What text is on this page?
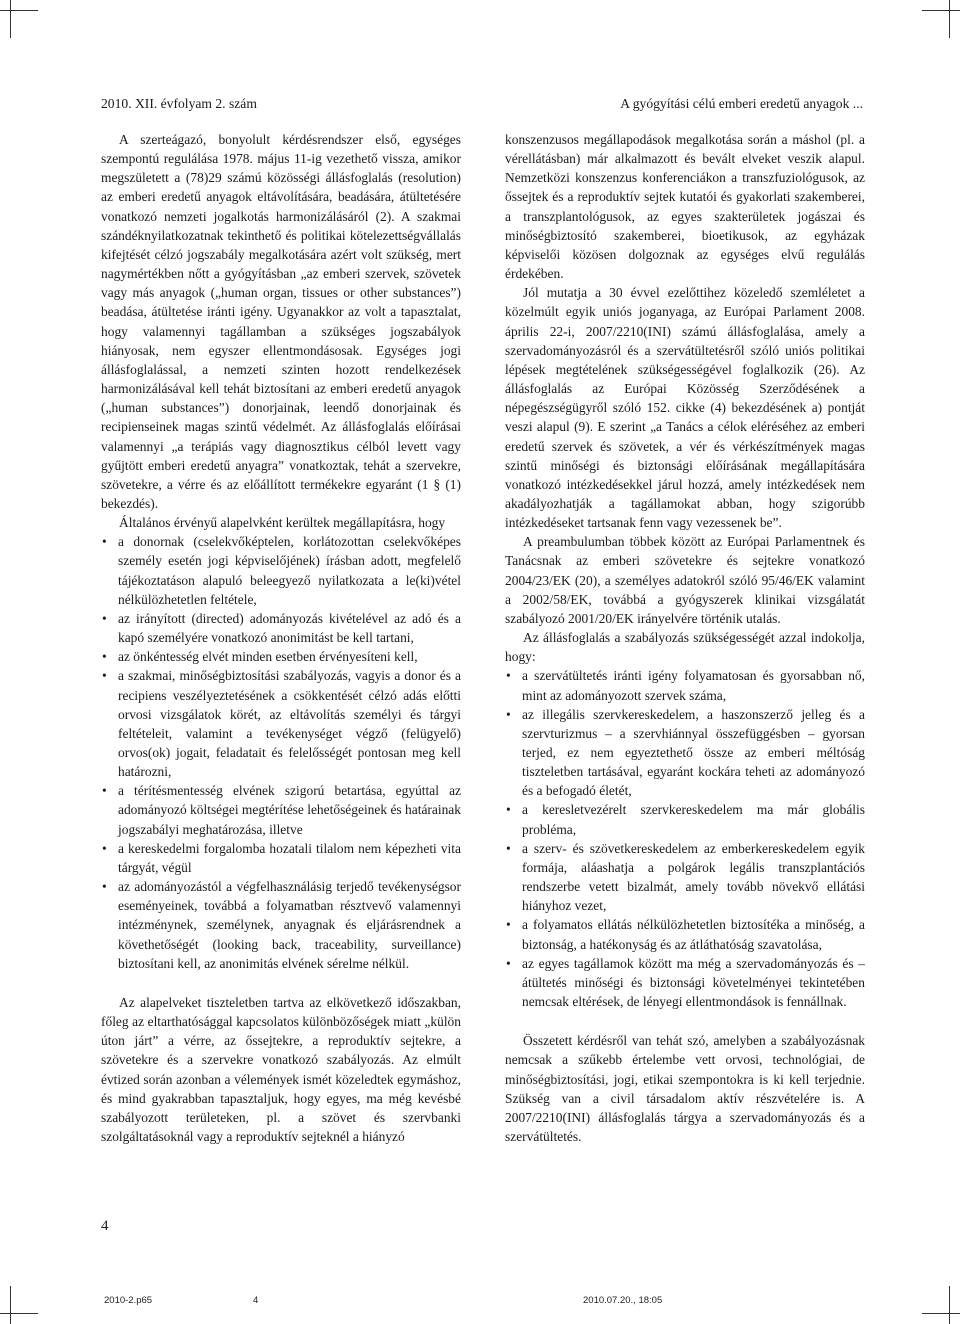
2010. XII. évfolyam 2. szám	A gyógyítási célú emberi eredetű anyagok ...

A szerteágazó, bonyolult kérdésrendszer első, egységes szempontú regulálása 1978. május 11-ig vezethető vissza, amikor megszületett a (78)29 számú közösségi állásfoglalás (resolution) az emberi eredetű anyagok eltávolítására, beadására, átültetésére vonatkozó nemzeti jogalkotás harmonizálásáról (2). A szakmai szándéknyilatkozatnak tekinthető és politikai kötelezettségvállalás kifejtését célzó jogszabály megalkotására azért volt szükség, mert nagymértékben nőtt a gyógyításban „az emberi szervek, szövetek vagy más anyagok („human organ, tissues or other substances”) beadása, átültetése iránti igény. Ugyanakkor az volt a tapasztalat, hogy valamennyi tagállamban a szükséges jogszabályok hiányosak, nem egyszer ellentmondásosak. Egységes jogi állásfoglalással, a nemzeti szinten hozott rendelkezések harmonizálásával kell tehát biztosítani az emberi eredetű anyagok („human substances”) donorjainak, leendő donorjainak és recipienseinek magas szintű védelmét. Az állásfoglalás előírásai valamennyi „a terápiás vagy diagnosztikus célból levett vagy gyűjtött emberi eredetű anyagra” vonatkoztak, tehát a szervekre, szövetekre, a vérre és az előállított termékekre egyaránt (1 § (1) bekezdés).

Általános érvényű alapelvként kerültek megállapításra, hogy

• a donornak (cselekvőképtelen, korlátozottan cselekvőképes személy esetén jogi képviselőjének) írásban adott, megfelelő tájékoztatáson alapuló beleegyező nyilatkozata a le(ki)vétel nélkülözhetetlen feltétele,
• az irányított (directed) adományozás kivételével az adó és a kapó személyére vonatkozó anonimitást be kell tartani,
• az önkéntesség elvét minden esetben érvényesíteni kell,
• a szakmai, minőségbiztosítási szabályozás, vagyis a donor és a recipiens veszélyeztetésének a csökkentését célzó adás előtti orvosi vizsgálatok körét, az eltávolítás személyi és tárgyi feltételeit, valamint a tevékenységet végző (felügyelő) orvos(ok) jogait, feladatait és felelősségét pontosan meg kell határozni,
• a térítésmentesség elvének szigorú betartása, egyúttal az adományozó költségei megtérítése lehetőségeinek és határainak jogszabályi meghatározása, illetve
• a kereskedelmi forgalomba hozatali tilalom nem képezheti vita tárgyát, végül
• az adományozástól a végfelhasználásig terjedő tevékenységsor eseményeinek, továbbá a folyamatban résztvevő valamennyi intézménynek, személynek, anyagnak és eljárásrendnek a követhetőségét (looking back, traceability, surveillance) biztosítani kell, az anonimitás elvének sérelme nélkül.

Az alapelveket tiszteletben tartva az elkövetkező időszakban, főleg az eltarthatósággal kapcsolatos különbözőségek miatt „külön úton járt” a vérre, az őssejtekre, a reproduktív sejtekre, a szövetekre és a szervekre vonatkozó szabályozás. Az elmúlt évtized során azonban a vélemények ismét közeledtek egymáshoz, és mind gyakrabban tapasztaljuk, hogy egyes, ma még kevésbé szabályozott területeken, pl. a szövet és szervbanki szolgáltatásoknál vagy a reproduktív sejteknél a hiányzó

konszenzusos megállapodások megalkotása során a máshol (pl. a vérellátásban) már alkalmazott és bevált elveket veszik alapul. Nemzetközi konszenzus konferenciákon a transzfuziológusok, az őssejtek és a reproduktív sejtek kutatói és gyakorlati szakemberei, a transzplantológusok, az egyes szakterületek jogászai és minőségbiztosító szakemberei, bioetikusok, az egyházak képviselői közösen dolgoznak az egységes elvű regulálás érdekében.

Jól mutatja a 30 évvel ezelőttihez közeledő szemléletet a közelmúlt egyik uniós joganyaga, az Európai Parlament 2008. április 22-i, 2007/2210(INI) számú állásfoglalása, amely a szervadományozásról és a szervátültetésről szóló uniós politikai lépések megtételének szükségességével foglalkozik (26). Az állásfoglalás az Európai Közösség Szerződésének a népegészségügyről szóló 152. cikke (4) bekezdésének a) pontját veszi alapul (9). E szerint „a Tanács a célok eléréséhez az emberi eredetű szervek és szövetek, a vér és vérkészítmények magas szintű minőségi és biztonsági előírásának megállapítására vonatkozó intézkedésekkel járul hozzá, amely intézkedések nem akadályozhatják a tagállamokat abban, hogy szigorúbb intézkedéseket tartsanak fenn vagy vezessenek be”.

A preambulumban többek között az Európai Parlamentnek és Tanácsnak az emberi szövetekre és sejtekre vonatkozó 2004/23/EK (20), a személyes adatokról szóló 95/46/EK valamint a 2002/58/EK, továbbá a gyógyszerek klinikai vizsgálatát szabályozó 2001/20/EK irányelvére történik utalás.

Az állásfoglalás a szabályozás szükségességét azzal indokolja, hogy:

• a szervátültetés iránti igény folyamatosan és gyorsabban nő, mint az adományozott szervek száma,
• az illegális szervkereskedelem, a haszonszerző jelleg és a szervturizmus – a szervhiánnyal összefüggésben – gyorsan terjed, ez nem egyeztethető össze az emberi méltóság tiszteletben tartásával, egyaránt kockára teheti az adományozó és a befogadó életét,
• a keresletvezérelt szervkereskedelem ma már globális probléma,
• a szerv- és szövetkereskedelem az emberkereskedelem egyik formája, aláashatja a polgárok legális transzplantációs rendszerbe vetett bizalmát, amely tovább növekvő ellátási hiányhoz vezet,
• a folyamatos ellátás nélkülözhetetlen biztosítéka a minőség, a biztonság, a hatékonyság és az átláthatóság szavatolása,
• az egyes tagállamok között ma még a szervadományozás és – átültetés minőségi és biztonsági követelményei tekintetében nemcsak eltérések, de lényegi ellentmondások is fennállnak.

Összetett kérdésről van tehát szó, amelyben a szabályozásnak nemcsak a szűkebb értelembe vett orvosi, technológiai, de minőségbiztosítási, jogi, etikai szempontokra is ki kell terjednie. Szükség van a civil társadalom aktív részvételére is. A 2007/2210(INI) állásfoglalás tárgya a szervadományozás és a szervátültetés.

4
2010-2.p65	4	2010.07.20., 18:05
